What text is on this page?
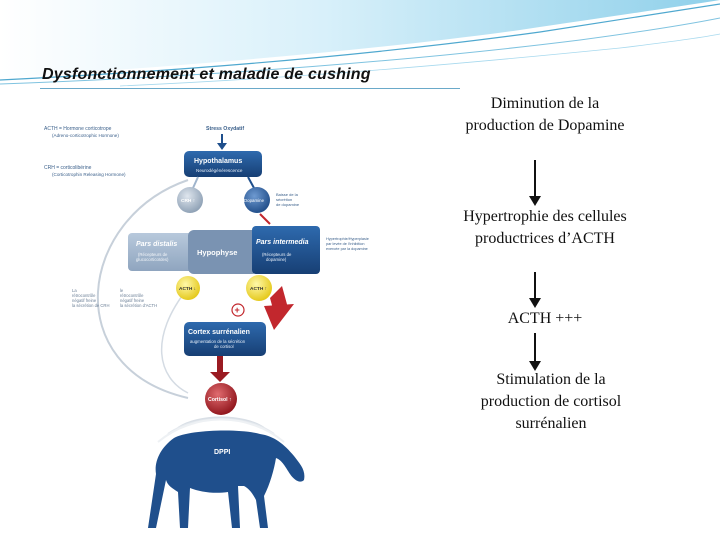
Dysfonctionnement et maladie de cushing
Diminution de la production de Dopamine
Hypertrophie des cellules productrices d’ACTH
ACTH +++
Stimulation de la production de cortisol surrénalien
ACTH = Hormone corticotrope
(Adreno-corticotrophic Hormone)
CRH = corticolibérine
(Corticotrophin Releasing Hormone)
Stress Oxydatif
Hypothalamus
Neurodégénérescence
CRH ↑	Dopamine
Baisse de la sécrétion de dopamine
Pars distalis
(Récepteurs de glucocorticoïdes)
Hypophyse
Pars intermedia
(Récepteurs de dopamine)
Hypertrophie/Hyperplasie par levée de l'inhibition exercée par la dopamine
ACTH ↓	ACTH ↑
+
La rétrocontrôle négatif freine la sécrétion de CRH
le rétrocontrôle négatif freine la sécrétion d'ACTH
Cortex surrénalien
augmentation de la sécrétion de cortisol
Cortisol ↑
DPPI
